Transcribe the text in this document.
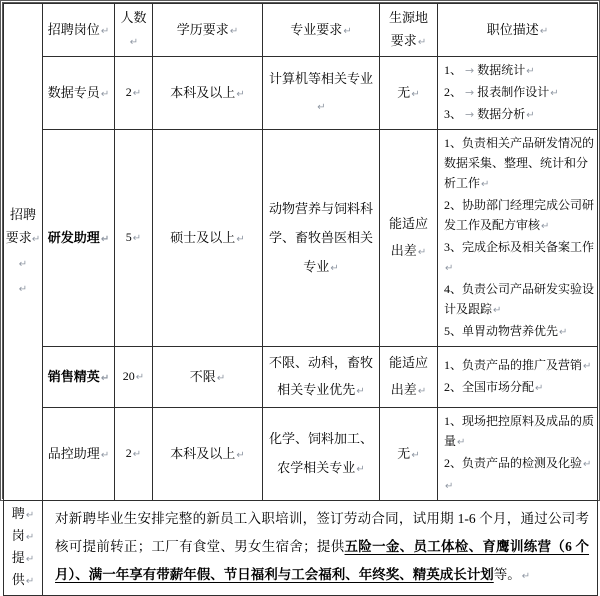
招聘
要求↵
↵
↵	招聘岗位↵	人数↵	学历要求↵	专业要求↵	生源地要求↵	职位描述↵
	数据专员↵	2↵	本科及以上↵	计算机等相关专业↵	无↵	1、 → 数据统计↵
2、 → 报表制作设计↵
3、 → 数据分析↵

	研发助理↵	5↵	硕士及以上↵	动物营养与饲料科学、畜牧兽医相关专业↵	能适应出差↵	1、负责相关产品研发情况的数据采集、整理、统计和分析工作↵
2、协助部门经理完成公司研发工作及配方审核↵
3、完成企标及相关备案工作↵
4、负责公司产品研发实验设计及跟踪↵
5、单胃动物营养优先↵

	销售精英↵	20↵	不限↵	不限、动科，畜牧相关专业优先↵	能适应出差↵	1、负责产品的推广及营销↵
2、全国市场分配↵

	品控助理↵	2↵	本科及以上↵	化学、饲料加工、农学相关专业↵	无↵	1、现场把控原料及成品的质量↵
2、负责产品的检测及化验↵
↵

聘↵
岗↵
提↵
供↵	对新聘毕业生安排完整的新员工入职培训，签订劳动合同，试用期 1-6 个月，通过公司考核可提前转正；工厂有食堂、男女生宿舍；提供五险一金、员工体检、育鹰训练营（6 个月）、满一年享有带薪年假、节日福利与工会福利、年终奖、精英成长计划等。↵					
